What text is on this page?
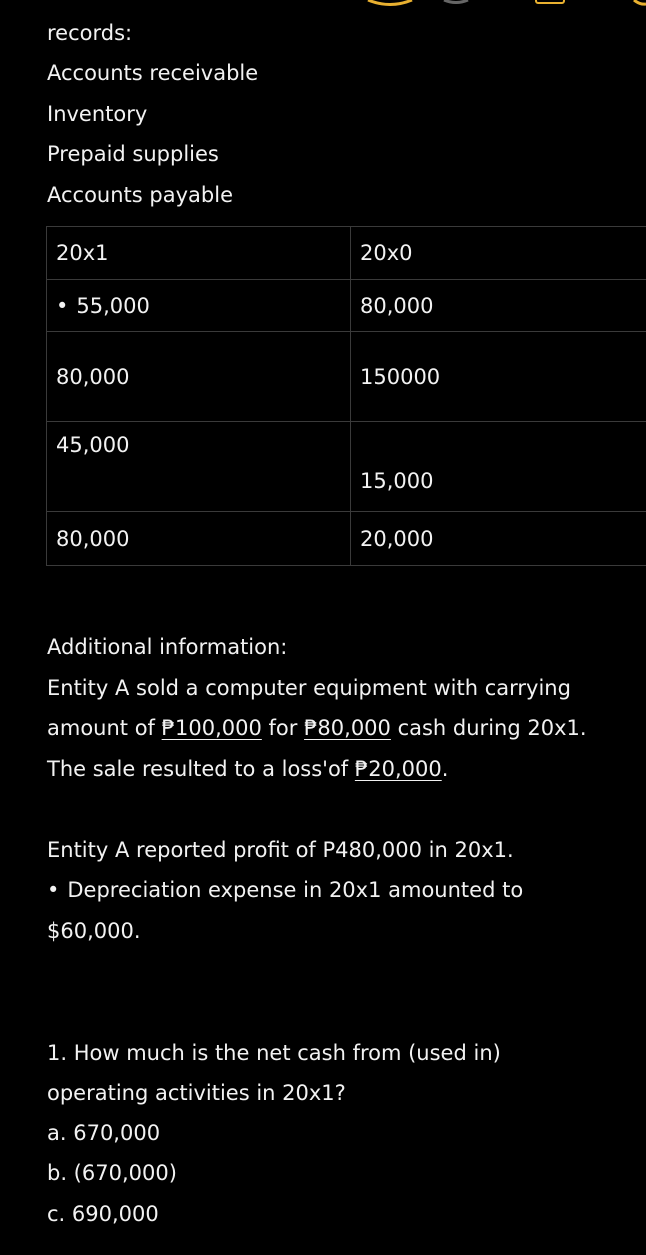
records:
Accounts receivable
Inventory
Prepaid supplies
Accounts payable
20x1	20x0
• 55,000	80,000
80,000	150000

45,000	15,000

80,000	20,000
Additional information:
Entity A sold a computer equipment with carrying
amount of ₱100,000 for ₱80,000 cash during 20x1.
The sale resulted to a loss'of ₱20,000.
Entity A reported profit of P480,000 in 20x1.
• Depreciation expense in 20x1 amounted to
$60,000.
1. How much is the net cash from (used in)
operating activities in 20x1?
a. 670,000
b. (670,000)
c. 690,000
